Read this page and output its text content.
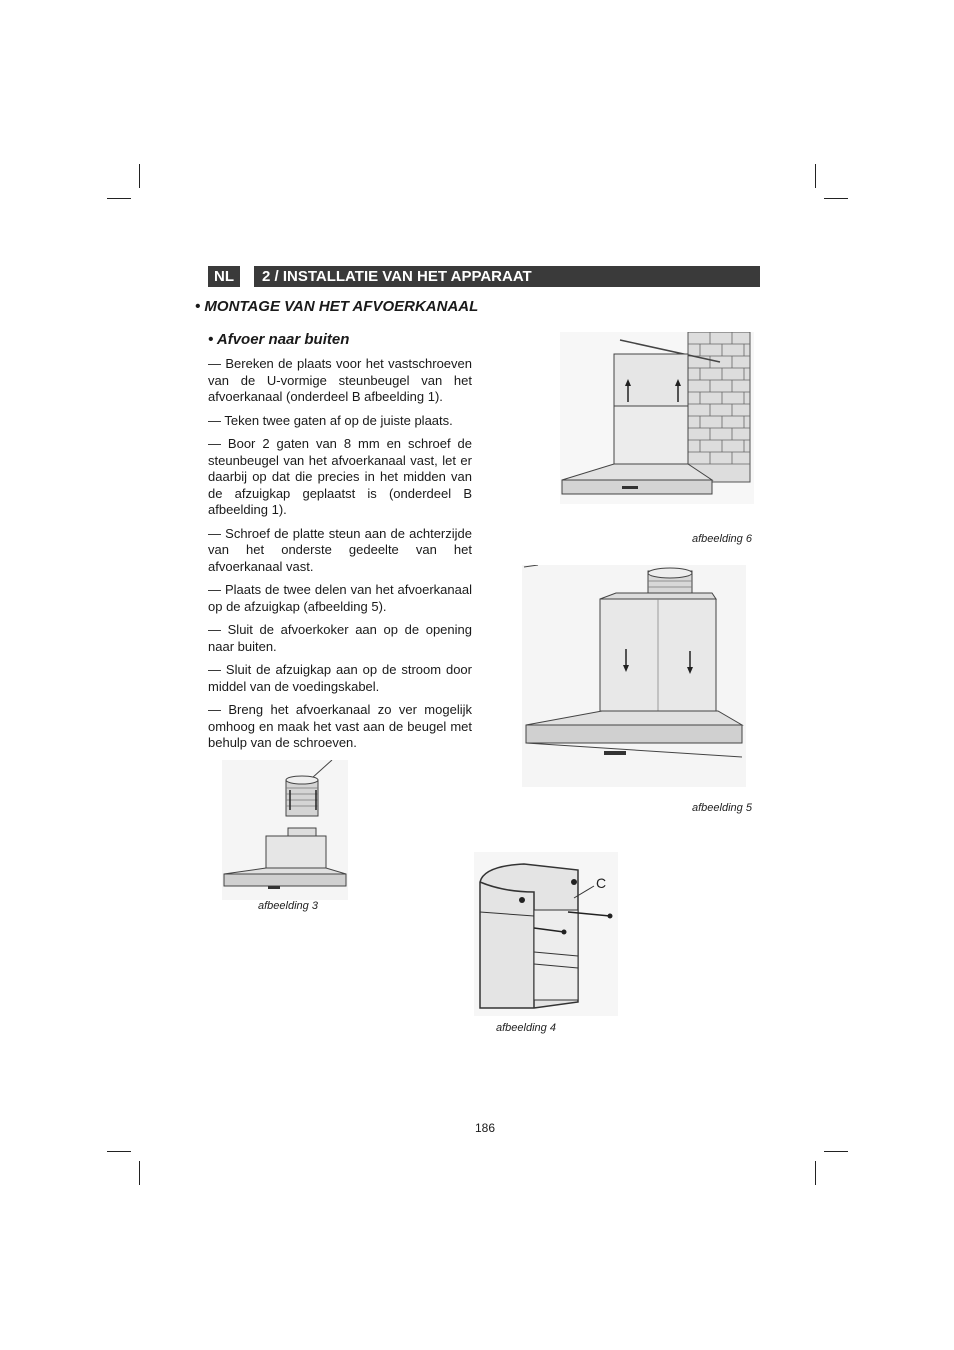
NL	2 / INSTALLATIE VAN HET APPARAAT
• MONTAGE VAN HET AFVOERKANAAL
• Afvoer naar buiten
— Bereken de plaats voor het vastschroeven van de U-vormige steunbeugel van het afvoerkanaal (onderdeel B afbeelding 1).
— Teken twee gaten af op de juiste plaats.
— Boor 2 gaten van 8 mm en schroef de steunbeugel van het afvoerkanaal vast, let er daarbij op dat die precies in het midden van de afzuigkap geplaatst is (onderdeel B afbeelding 1).
— Schroef de platte steun aan de achterzijde van het onderste gedeelte van het afvoerkanaal vast.
— Plaats de twee delen van het afvoerkanaal op de afzuigkap (afbeelding 5).
— Sluit de afvoerkoker aan op de opening naar buiten.
— Sluit de afzuigkap aan op de stroom door middel van de voedingskabel.
— Breng het afvoerkanaal zo ver mogelijk omhoog en maak het vast aan de beugel met behulp van de schroeven.
afbeelding 6
afbeelding 5
afbeelding 3
C
afbeelding 4
186
